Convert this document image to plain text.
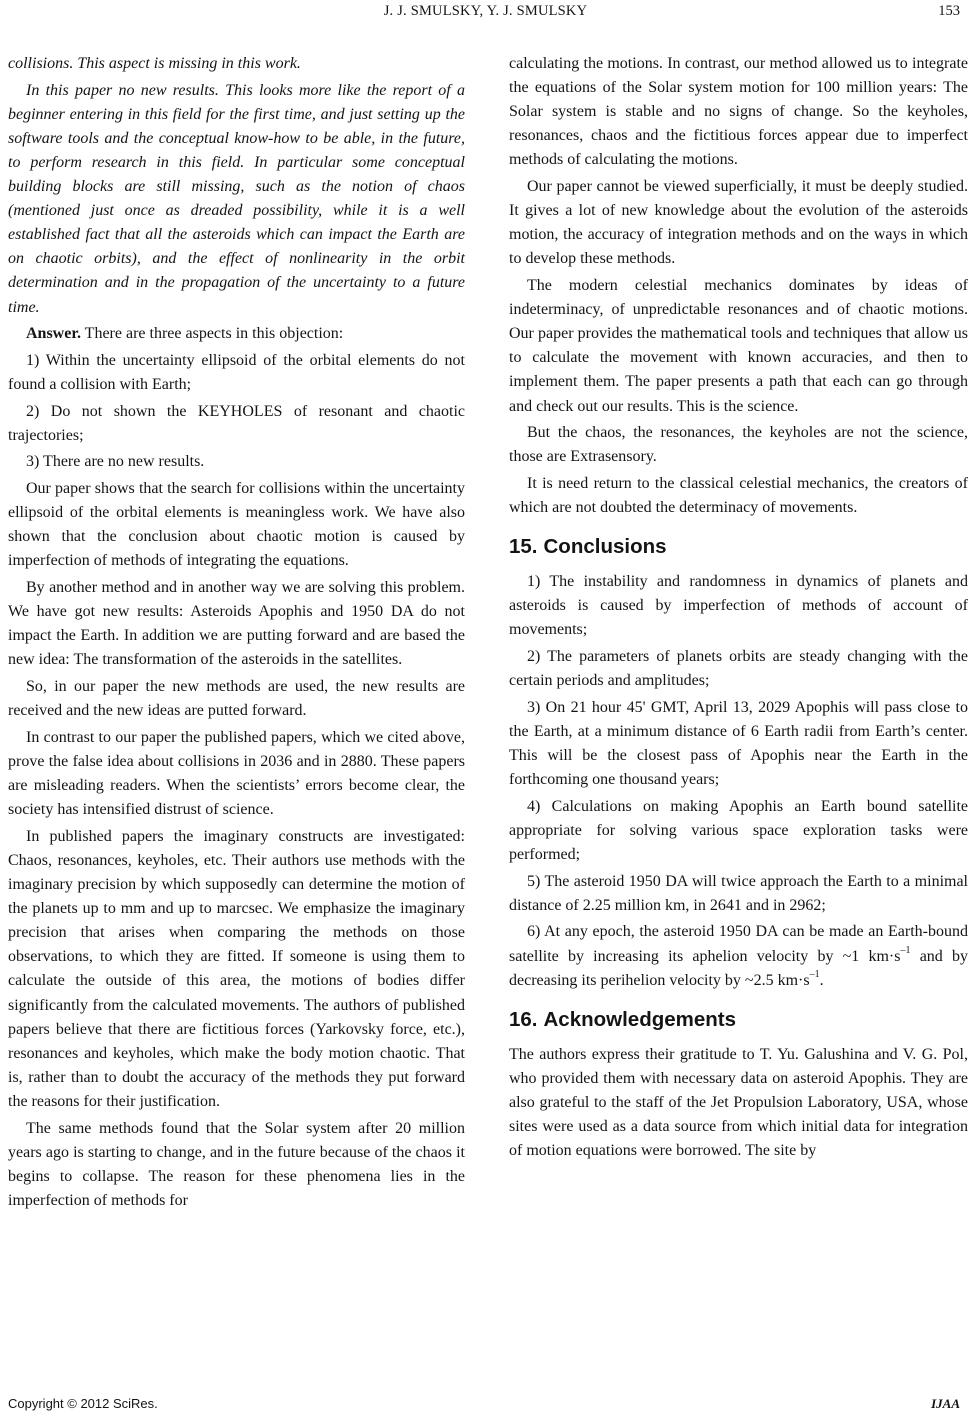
J. J. SMULSKY, Y. J. SMULSKY	153

collisions. This aspect is missing in this work.

In this paper no new results. This looks more like the report of a beginner entering in this field for the first time, and just setting up the software tools and the conceptual know-how to be able, in the future, to perform research in this field. In particular some conceptual building blocks are still missing, such as the notion of chaos (mentioned just once as dreaded possibility, while it is a well established fact that all the asteroids which can impact the Earth are on chaotic orbits), and the effect of nonlinearity in the orbit determination and in the propagation of the uncertainty to a future time.

Answer. There are three aspects in this objection:

1) Within the uncertainty ellipsoid of the orbital elements do not found a collision with Earth;

2) Do not shown the KEYHOLES of resonant and chaotic trajectories;

3) There are no new results.

Our paper shows that the search for collisions within the uncertainty ellipsoid of the orbital elements is meaningless work. We have also shown that the conclusion about chaotic motion is caused by imperfection of methods of integrating the equations.

By another method and in another way we are solving this problem. We have got new results: Asteroids Apophis and 1950 DA do not impact the Earth. In addition we are putting forward and are based the new idea: The transformation of the asteroids in the satellites.

So, in our paper the new methods are used, the new results are received and the new ideas are putted forward.

In contrast to our paper the published papers, which we cited above, prove the false idea about collisions in 2036 and in 2880. These papers are misleading readers. When the scientists’ errors become clear, the society has intensified distrust of science.

In published papers the imaginary constructs are investigated: Chaos, resonances, keyholes, etc. Their authors use methods with the imaginary precision by which supposedly can determine the motion of the planets up to mm and up to marcsec. We emphasize the imaginary precision that arises when comparing the methods on those observations, to which they are fitted. If someone is using them to calculate the outside of this area, the motions of bodies differ significantly from the calculated movements. The authors of published papers believe that there are fictitious forces (Yarkovsky force, etc.), resonances and keyholes, which make the body motion chaotic. That is, rather than to doubt the accuracy of the methods they put forward the reasons for their justification.

The same methods found that the Solar system after 20 million years ago is starting to change, and in the future because of the chaos it begins to collapse. The reason for these phenomena lies in the imperfection of methods for

calculating the motions. In contrast, our method allowed us to integrate the equations of the Solar system motion for 100 million years: The Solar system is stable and no signs of change. So the keyholes, resonances, chaos and the fictitious forces appear due to imperfect methods of calculating the motions.

Our paper cannot be viewed superficially, it must be deeply studied. It gives a lot of new knowledge about the evolution of the asteroids motion, the accuracy of integration methods and on the ways in which to develop these methods.

The modern celestial mechanics dominates by ideas of indeterminacy, of unpredictable resonances and of chaotic motions. Our paper provides the mathematical tools and techniques that allow us to calculate the movement with known accuracies, and then to implement them. The paper presents a path that each can go through and check out our results. This is the science.

But the chaos, the resonances, the keyholes are not the science, those are Extrasensory.

It is need return to the classical celestial mechanics, the creators of which are not doubted the determinacy of movements.

15. Conclusions

1) The instability and randomness in dynamics of planets and asteroids is caused by imperfection of methods of account of movements;

2) The parameters of planets orbits are steady changing with the certain periods and amplitudes;

3) On 21 hour 45' GMT, April 13, 2029 Apophis will pass close to the Earth, at a minimum distance of 6 Earth radii from Earth’s center. This will be the closest pass of Apophis near the Earth in the forthcoming one thousand years;

4) Calculations on making Apophis an Earth bound satellite appropriate for solving various space exploration tasks were performed;

5) The asteroid 1950 DA will twice approach the Earth to a minimal distance of 2.25 million km, in 2641 and in 2962;

6) At any epoch, the asteroid 1950 DA can be made an Earth-bound satellite by increasing its aphelion velocity by ~1 $km\cdot s^{-1}$ and by decreasing its perihelion velocity by ~2.5 $km\cdot s^{-1}$.

16. Acknowledgements

The authors express their gratitude to T. Yu. Galushina and V. G. Pol, who provided them with necessary data on asteroid Apophis. They are also grateful to the staff of the Jet Propulsion Laboratory, USA, whose sites were used as a data source from which initial data for integration of motion equations were borrowed. The site by

Copyright © 2012 SciRes.	IJAA
